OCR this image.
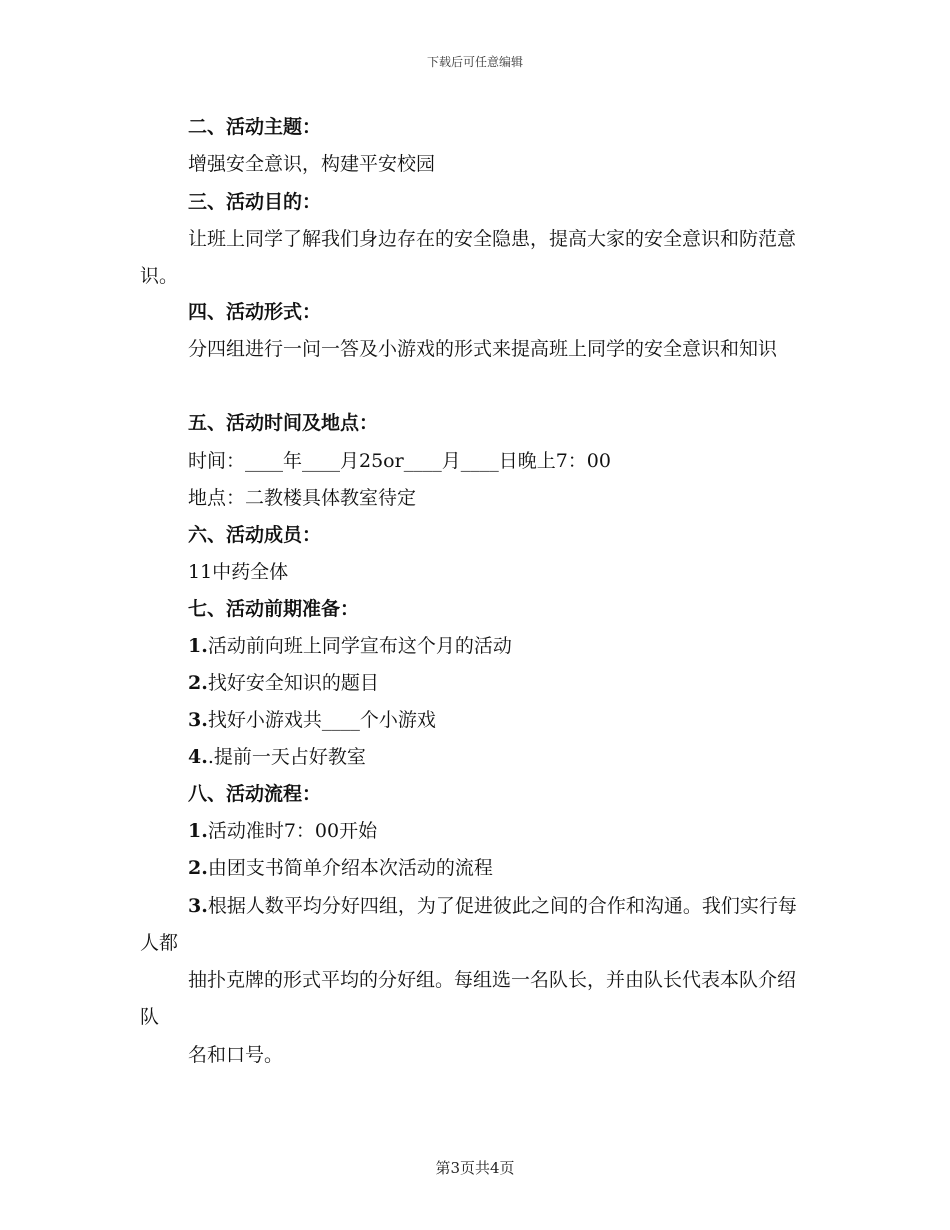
下载后可任意编辑
二、活动主题：
增强安全意识，构建平安校园
三、活动目的：
让班上同学了解我们身边存在的安全隐患，提高大家的安全意识和防范意识。
四、活动形式：
分四组进行一问一答及小游戏的形式来提高班上同学的安全意识和知识
五、活动时间及地点：
时间：____年____月25or____月____日晚上7：00
地点：二教楼具体教室待定
六、活动成员：
11中药全体
七、活动前期准备：
1.活动前向班上同学宣布这个月的活动
2.找好安全知识的题目
3.找好小游戏共____个小游戏
4..提前一天占好教室
八、活动流程：
1.活动准时7：00开始
2.由团支书简单介绍本次活动的流程
3.根据人数平均分好四组，为了促进彼此之间的合作和沟通。我们实行每人都
抽扑克牌的形式平均的分好组。每组选一名队长，并由队长代表本队介绍队
名和口号。
第3页共4页
